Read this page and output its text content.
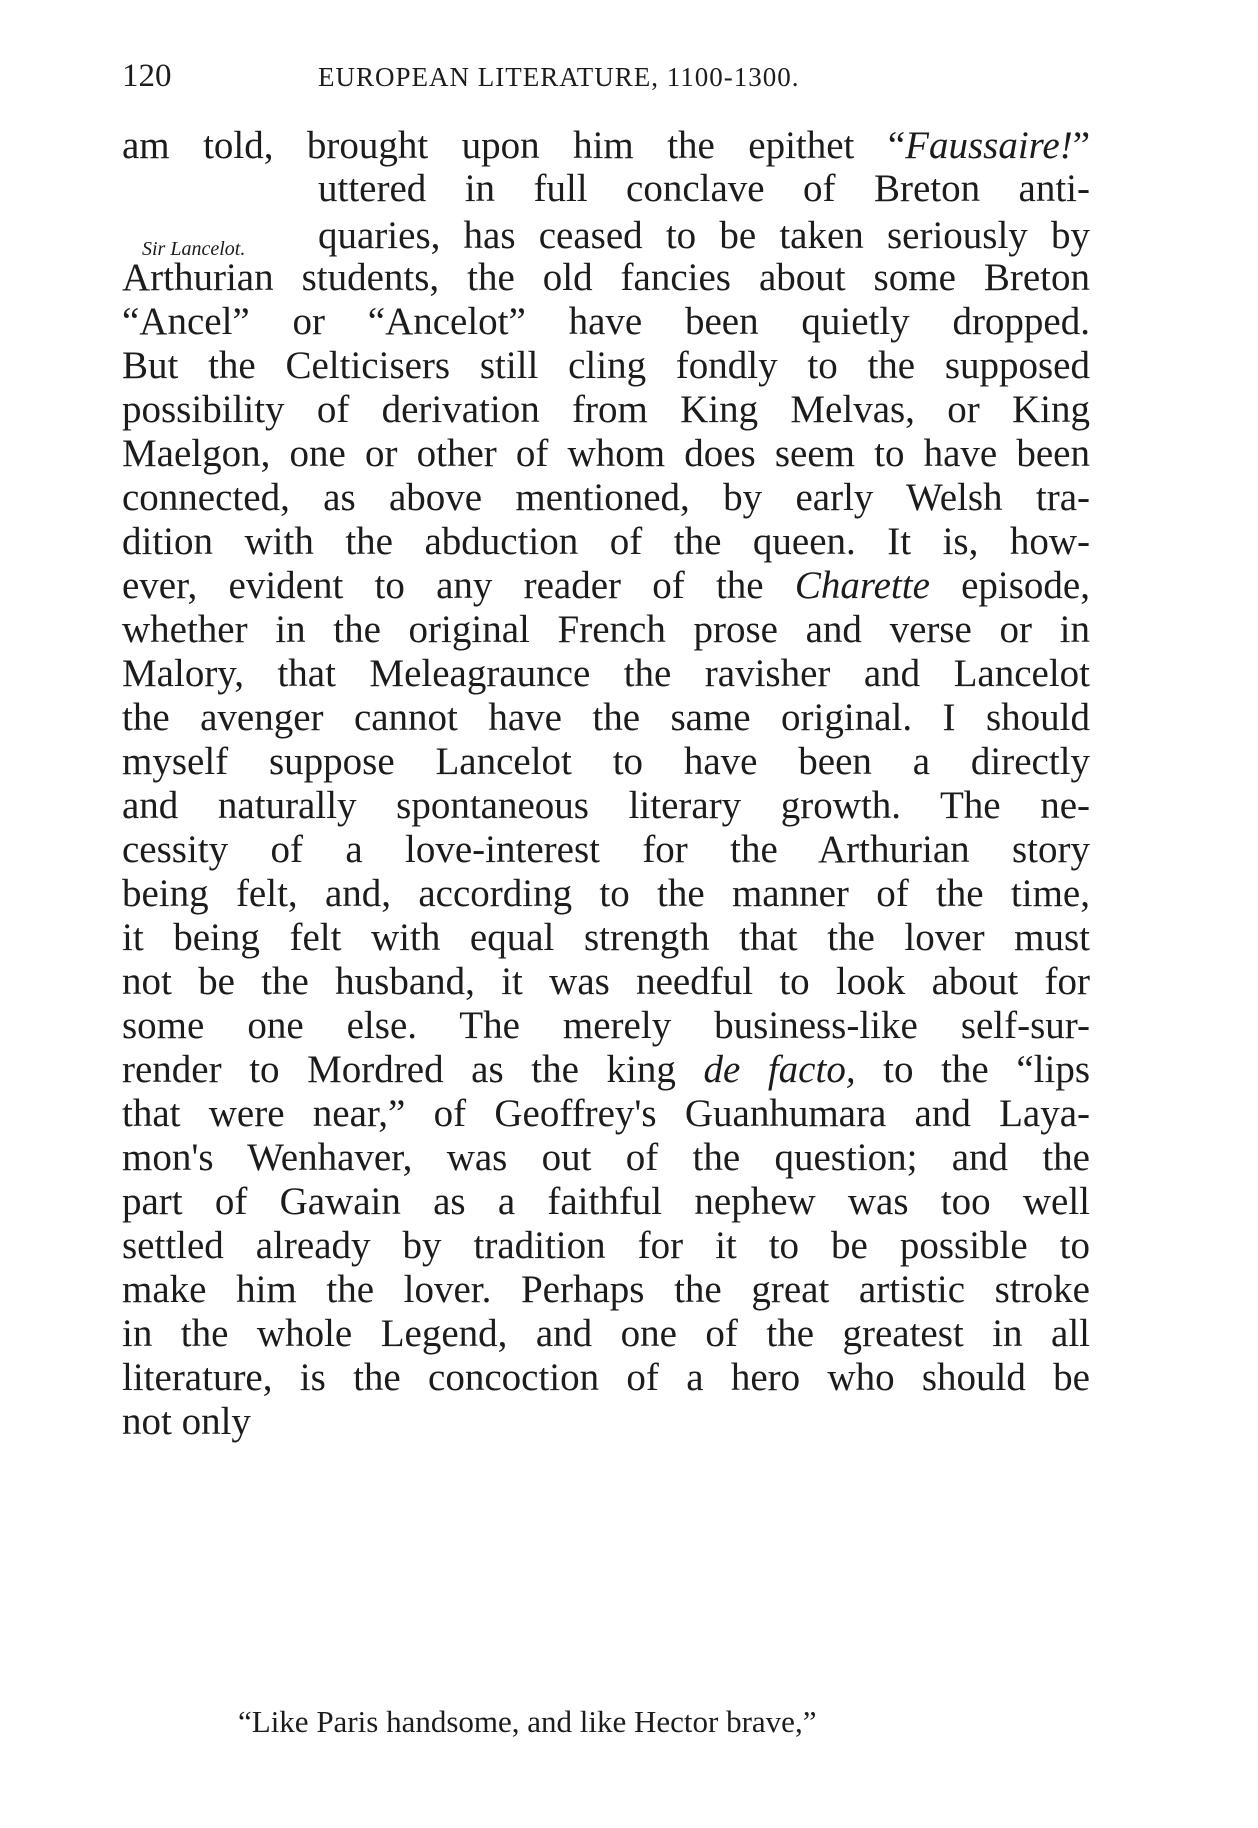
120	EUROPEAN LITERATURE, 1100-1300.
Sir Lancelot.
am told, brought upon him the epithet “Faussaire!”
uttered in full conclave of Breton anti-
quaries, has ceased to be taken seriously by
Arthurian students, the old fancies about some Breton
“Ancel” or “Ancelot” have been quietly dropped.
But the Celticisers still cling fondly to the supposed
possibility of derivation from King Melvas, or King
Maelgon, one or other of whom does seem to have been
connected, as above mentioned, by early Welsh tra-
dition with the abduction of the queen. It is, how-
ever, evident to any reader of the Charette episode,
whether in the original French prose and verse or in
Malory, that Meleagraunce the ravisher and Lancelot
the avenger cannot have the same original. I should
myself suppose Lancelot to have been a directly
and naturally spontaneous literary growth. The ne-
cessity of a love-interest for the Arthurian story
being felt, and, according to the manner of the time,
it being felt with equal strength that the lover must
not be the husband, it was needful to look about for
some one else. The merely business-like self-sur-
render to Mordred as the king de facto, to the “lips
that were near,” of Geoffrey's Guanhumara and Laya-
mon's Wenhaver, was out of the question; and the
part of Gawain as a faithful nephew was too well
settled already by tradition for it to be possible to
make him the lover. Perhaps the great artistic stroke
in the whole Legend, and one of the greatest in all
literature, is the concoction of a hero who should be
not only
“Like Paris handsome, and like Hector brave,”
